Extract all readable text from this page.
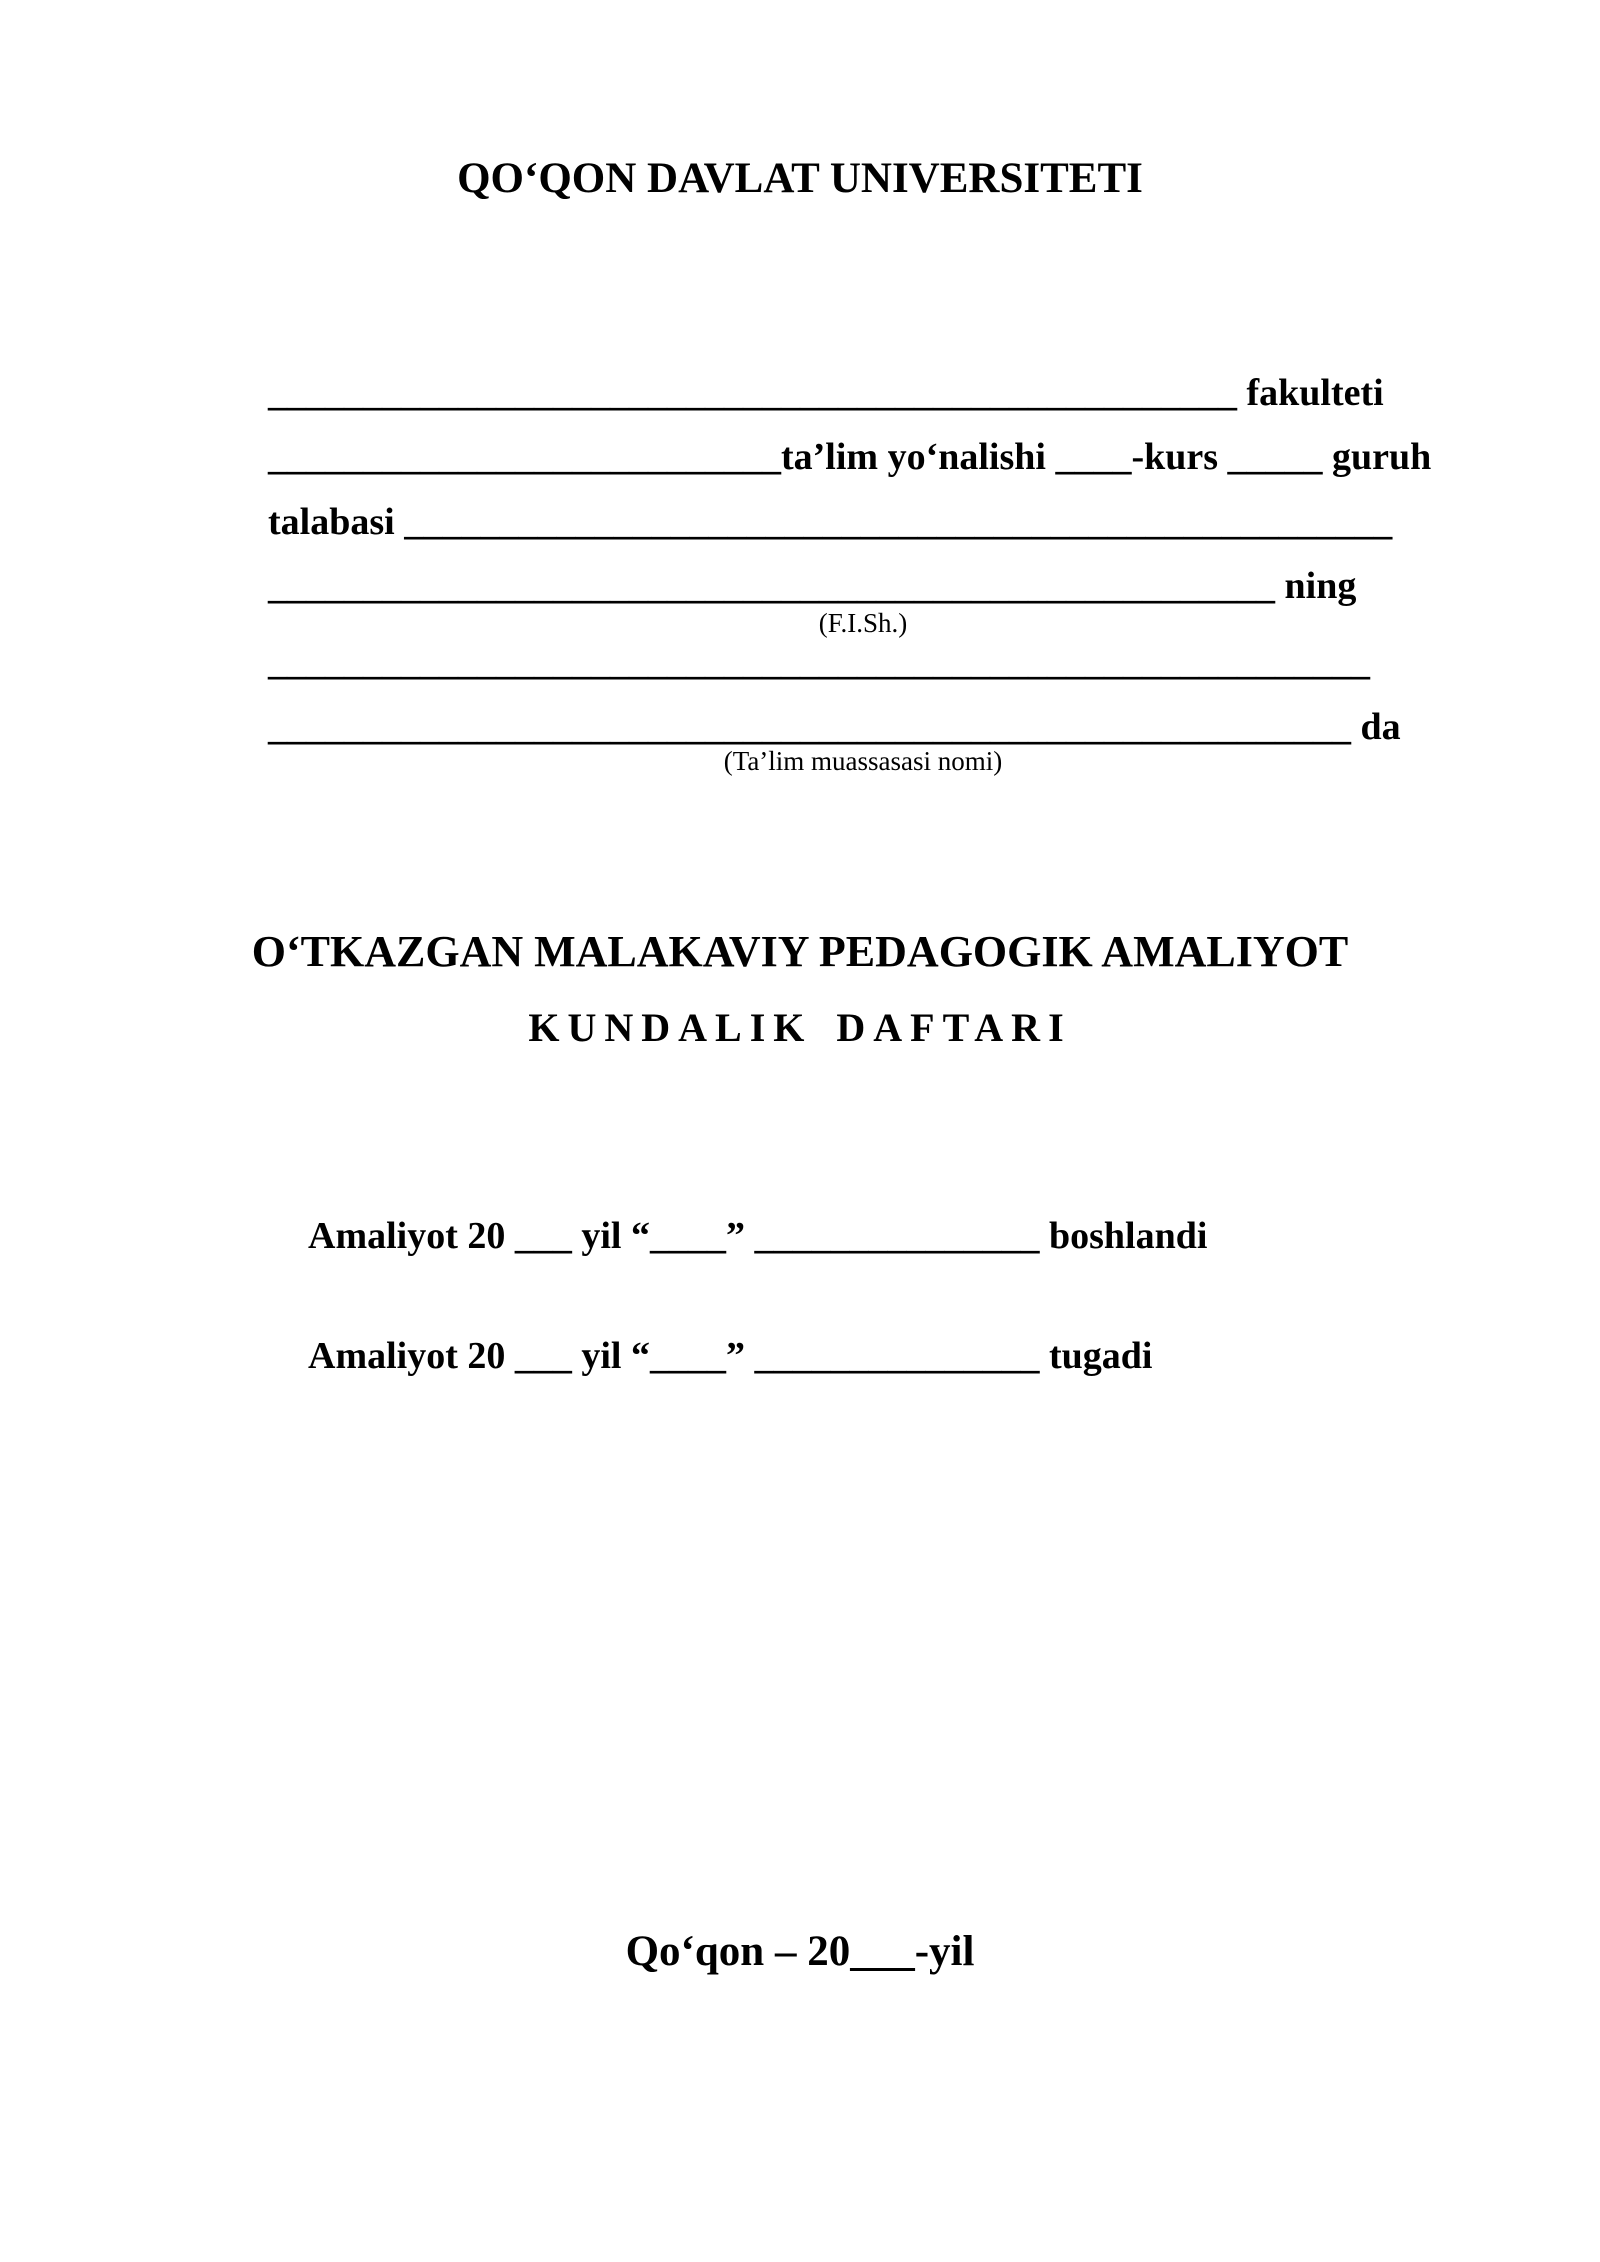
QO‘QON DAVLAT UNIVERSITETI
___________________________________________________ fakulteti
___________________________ta’lim yo‘nalishi ____-kurs _____ guruh
talabasi ____________________________________________________
_____________________________________________________ ning
(F.I.Sh.)
__________________________________________________________
_________________________________________________________ da
(Ta’lim muassasasi nomi)
O‘TKAZGAN MALAKAVIY PEDAGOGIK AMALIYOT
KUNDALIK DAFTARI
Amaliyot 20 ___ yil “____” _______________ boshlandi
Amaliyot 20 ___ yil “____” _______________ tugadi
Qo‘qon – 20___-yil
